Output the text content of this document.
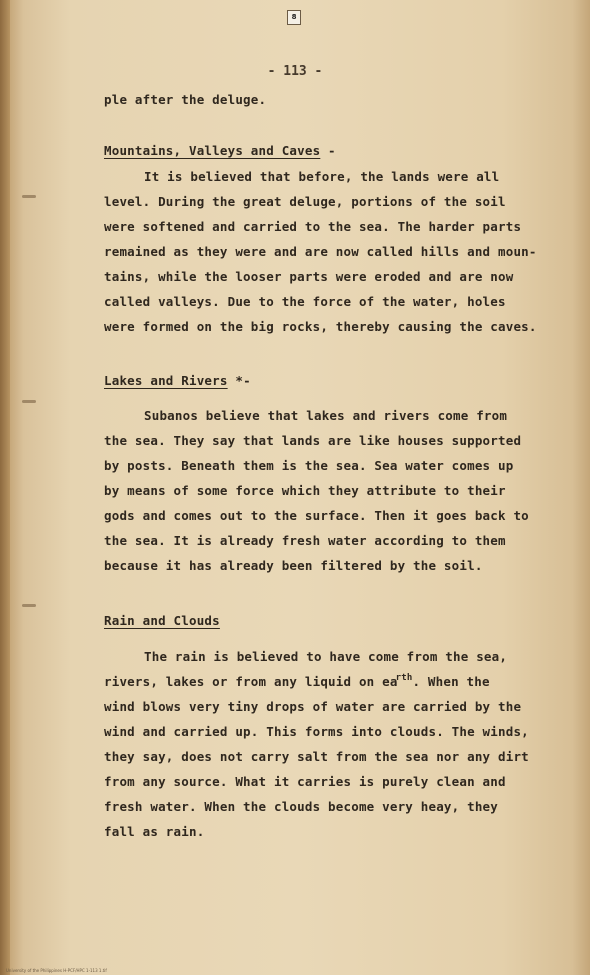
8
- 113 -
ple after the deluge.
Mountains, Valleys and Caves -
It is believed that before, the lands were all
level. During the great deluge, portions of the soil
were softened and carried to the sea. The harder parts
remained as they were and are now called hills and moun-
tains, while the looser parts were eroded and are now
called valleys. Due to the force of the water, holes
were formed on the big rocks, thereby causing the caves.
Lakes and Rivers *-
Subanos believe that lakes and rivers come from
the sea. They say that lands are like houses supported
by posts. Beneath them is the sea. Sea water comes up
by means of some force which they attribute to their
gods and comes out to the surface. Then it goes back to
the sea. It is already fresh water according to them
because it has already been filtered by the soil.
Rain and Clouds
The rain is believed to have come from the sea,
rivers, lakes or from any liquid on $ea^{rth}$. When the
wind blows very tiny drops of water are carried by the
wind and carried up. This forms into clouds. The winds,
they say, does not carry salt from the sea nor any dirt
from any source. What it carries is purely clean and
fresh water. When the clouds become very heay, they
fall as rain.
University of the Philippines H-PCF/HPC 1-113 1.tif
